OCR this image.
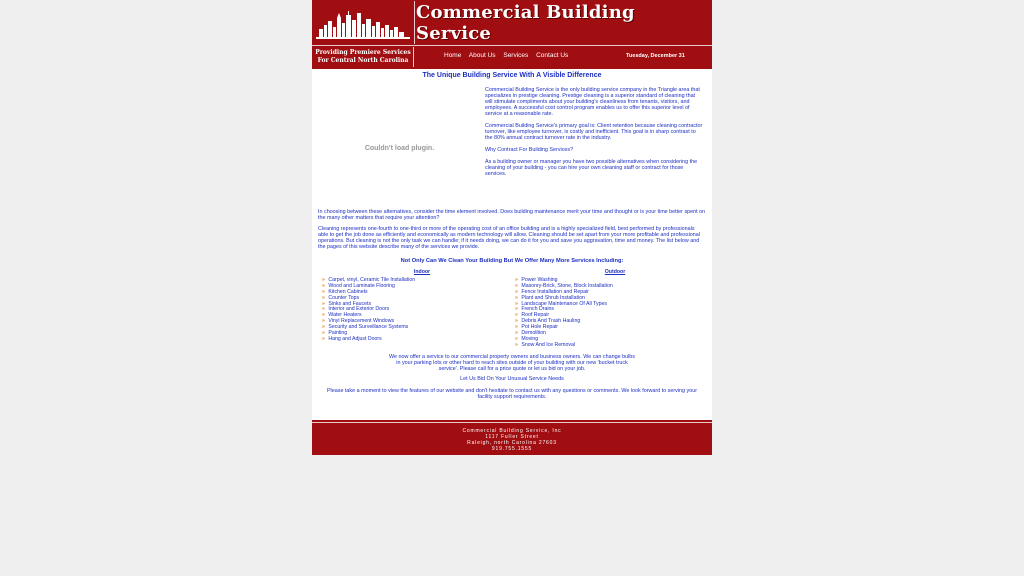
Commercial Building Service
Providing Premiere Services
For Central North Carolina
Home About Us Services Contact Us	Tuesday, December 31
The Unique Building Service With A Visible Difference
Couldn't load plugin.

Commercial Building Service is the only building service company in the Triangle area that specializes in prestige cleaning. Prestige cleaning is a superior standard of cleaning that will stimulate compliments about your building's cleanliness from tenants, visitors, and employees. A successful cost control program enables us to offer this superior level of service at a reasonable rate.

Commercial Building Service's primary goal is: Client retention because cleaning contractor turnover, like employee turnover, is costly and inefficient. This goal is in sharp contrast to the 80% annual contract turnover rate in the industry.

Why Contract For Building Services?

As a building owner or manager you have two possible alternatives when considering the cleaning of your building - you can hire your own cleaning staff or contract for those services.

In choosing between these alternatives, consider the time element involved. Does building maintenance merit your time and thought or is your time better spent on the many other matters that require your attention?

Cleaning represents one-fourth to one-third or more of the operating cost of an office building and is a highly specialized field, best performed by professionals able to get the job done as efficiently and economically as modern technology will allow. Cleaning should be set apart from your more profitable and professional operations. But cleaning is not the only task we can handle; if it needs doing, we can do it for you and save you aggravation, time and money. The list below and the pages of this website describe many of the services we provide.

Not Only Can We Clean Your Building But We Offer Many More Services Including:
Indoor
» Carpet, vinyl, Ceramic Tile Installation
» Wood and Laminate Flooring
» Kitchen Cabinets
» Counter Tops
» Sinks and Faucets
» Interior and Exterior Doors
» Water Heaters
» Vinyl Replacement Windows
» Security and Surveillance Systems
» Painting
» Hang and Adjust Doors
Outdoor
» Power Washing
» Masonry-Brick, Stone, Block Installation
» Fence Installation and Repair
» Plant and Shrub Installation
» Landscape Maintenance Of All Types
» French Drains
» Roof Repair
» Debris And Trash Hauling
» Pot Hole Repair
» Demolition
» Moving
» Snow And Ice Removal
We now offer a service to our commercial property owners and business owners. We can change bulbs in your parking lots or other hard to reach sites outside of your building with our new 'bucket truck service'. Please call for a price quote or let us bid on your job.
Let Us Bid On Your Unusual Service Needs
Please take a moment to view the features of our website and don't hesitate to contact us with any questions or comments. We look forward to serving your facility support requirements.
Commercial Building Service, Inc
1117 Fuller Street
Raleigh, north Carolina 27603
919.755.1555
